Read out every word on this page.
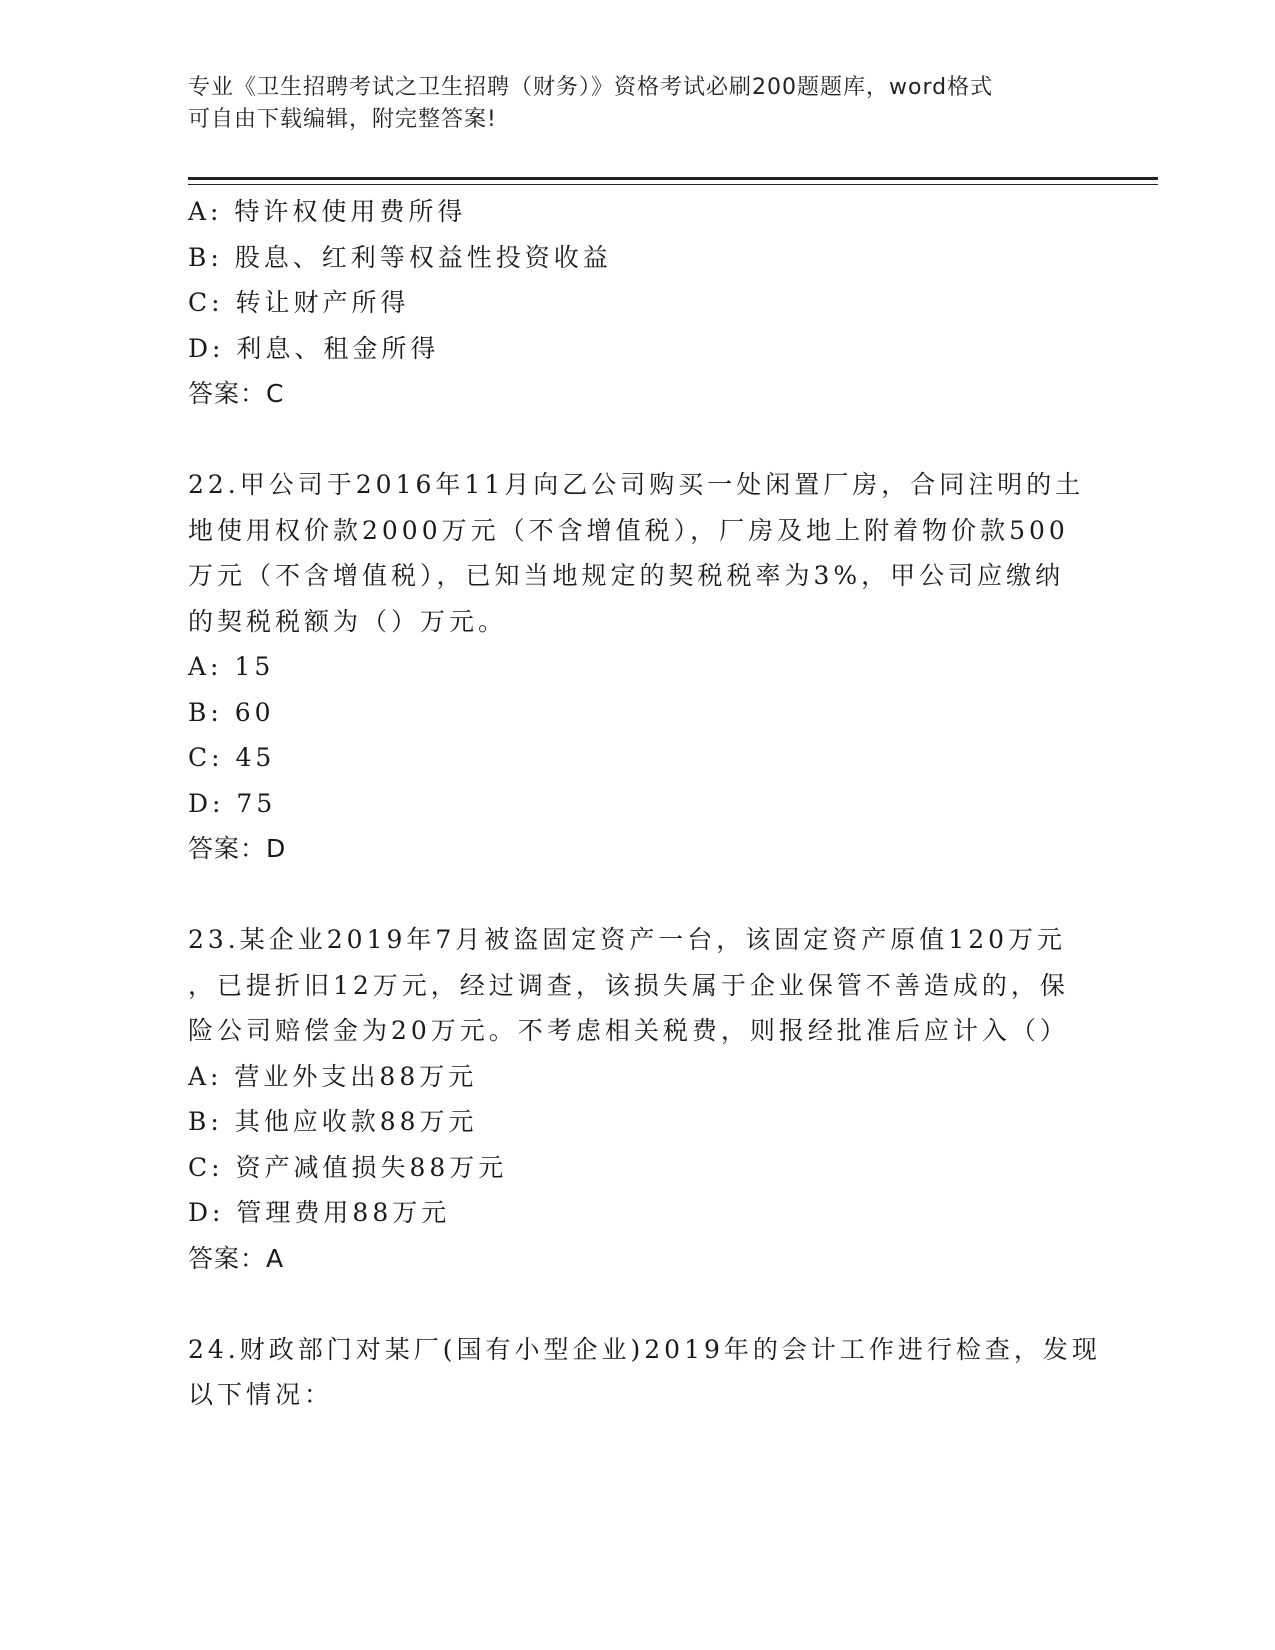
专业《卫生招聘考试之卫生招聘（财务）》资格考试必刷200题题库，word格式
可自由下载编辑，附完整答案!
A: 特许权使用费所得
B: 股息、红利等权益性投资收益
C: 转让财产所得
D: 利息、租金所得
答案：C
22.甲公司于2016年11月向乙公司购买一处闲置厂房，合同注明的土
地使用权价款2000万元（不含增值税），厂房及地上附着物价款500
万元（不含增值税），已知当地规定的契税税率为3%，甲公司应缴纳
的契税税额为（）万元。
A: 15
B: 60
C: 45
D: 75
答案：D
23.某企业2019年7月被盗固定资产一台，该固定资产原值120万元
，已提折旧12万元，经过调查，该损失属于企业保管不善造成的，保
险公司赔偿金为20万元。不考虑相关税费，则报经批准后应计入（）
A: 营业外支出88万元
B: 其他应收款88万元
C: 资产减值损失88万元
D: 管理费用88万元
答案：A
24.财政部门对某厂(国有小型企业)2019年的会计工作进行检查，发现
以下情况：
